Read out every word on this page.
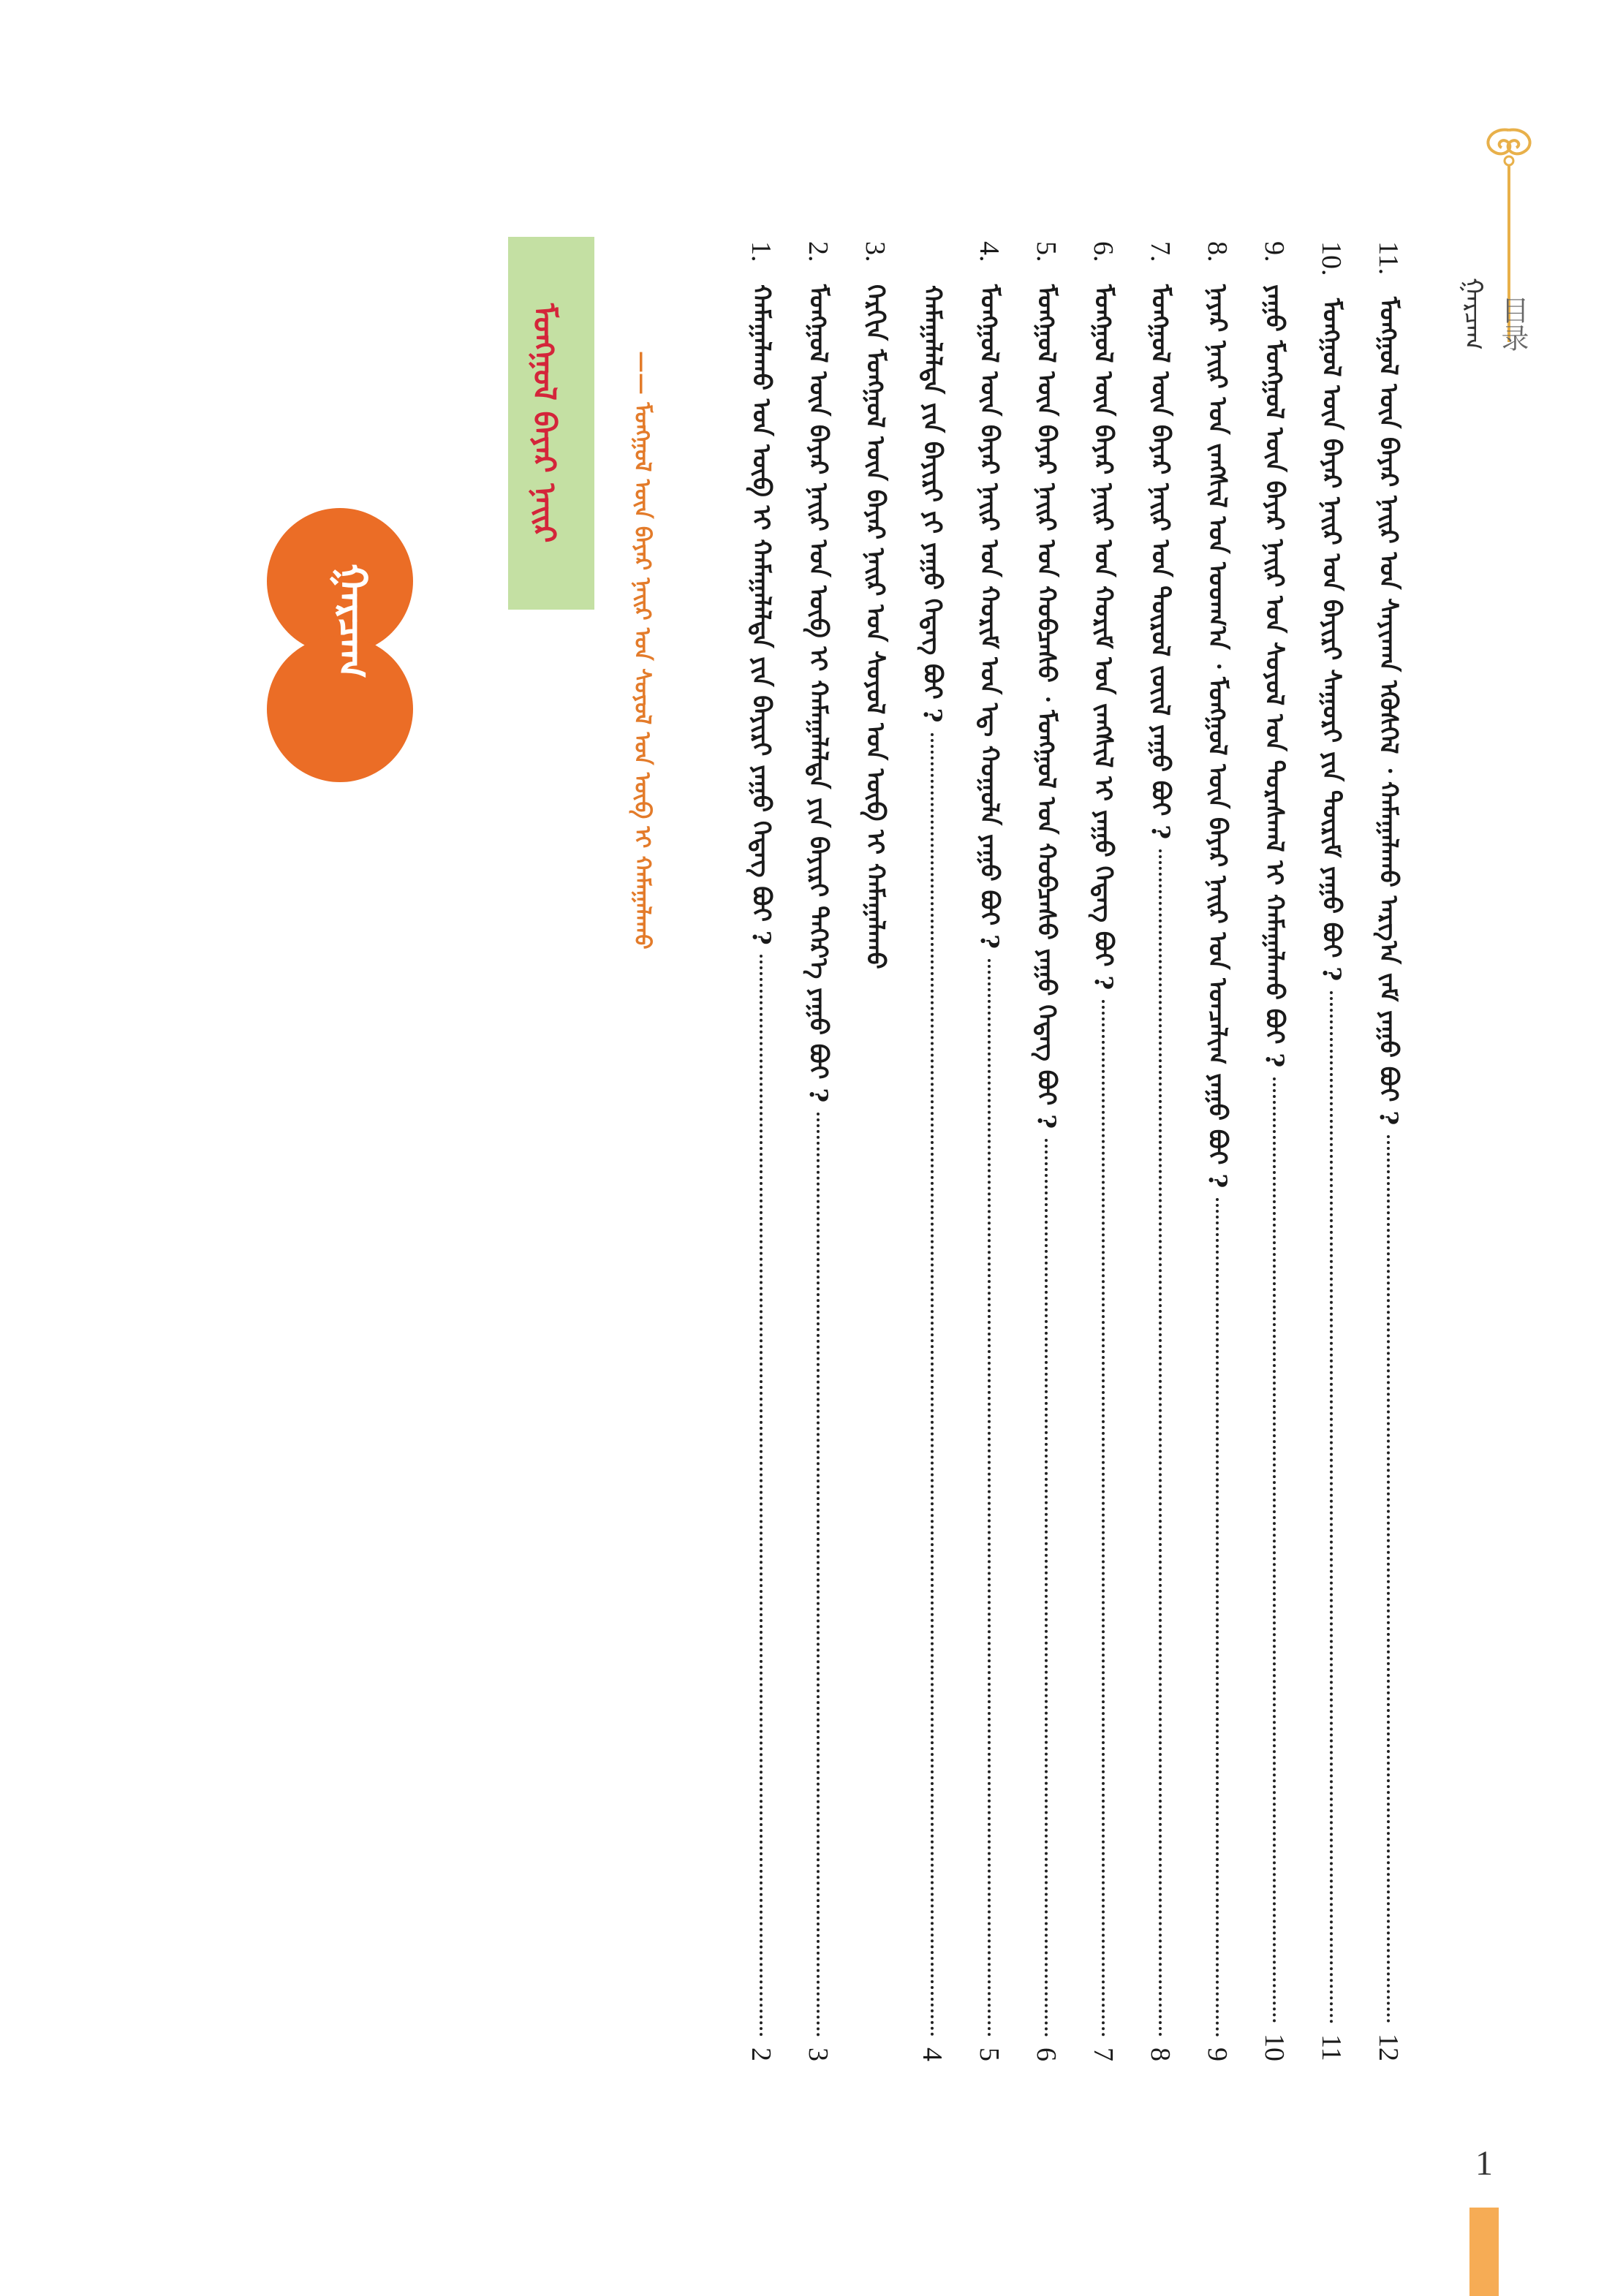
ᠭᠠᠷᠴᠠᠭ 目录
11.
ᠮᠣᠩᠭᠣᠯ ᠦᠨ ᠪᠠᠶᠠᠷ ᠨᠠᠢᠷ ᠤᠨ ᠰᠠᠶᠢᠬᠠᠨ ᠡᠭᠦᠰᠬᠡᠯ ᠂ ᠬᠠᠮᠠᠭᠠᠯᠠᠬᠤ ᠠᠷᠭ᠎ᠠ ᠵᠠᠮ ᠶᠠᠭᠤ ᠪᠤᠢ ?
12
10.
ᠮᠣᠩᠭᠣᠯ ᠦᠨ ᠪᠠᠶᠠᠷ ᠨᠠᠢᠷ ᠤᠨ ᠪᠠᠶᠢᠷᠢ ᠰᠠᠭᠤᠷᠢ ᠶᠢᠨ ᠳᠦᠷᠢᠮ ᠶᠠᠭᠤ ᠪᠤᠢ ?
11
9.
ᠶᠠᠭᠤ ᠮᠣᠩᠭᠣᠯ ᠦᠨ ᠪᠠᠶᠠᠷ ᠨᠠᠢᠷ ᠤᠨ ᠰᠣᠶᠣᠯ ᠤᠨ ᠳᠤᠷᠠᠰᠬᠠᠯ ᠢ ᠬᠠᠮᠠᠭᠠᠯᠠᠬᠤ ᠪᠤᠢ ?
10
8.
ᠨᠠᠶᠠᠷ ᠨᠠᠢᠷ ᠤᠨ ᠵᠠᠩᠰᠢᠯ ᠤᠨ ᠤᠳᠬ᠎ᠠ ᠂ ᠮᠣᠩᠭᠣᠯ ᠦᠨ ᠪᠠᠶᠠᠷ ᠨᠠᠢᠷ ᠤᠨ ᠣᠨᠴᠠᠯᠢᠭ ᠶᠠᠭᠤ ᠪᠤᠢ ?
9
7.
ᠮᠣᠩᠭᠣᠯ ᠦᠨ ᠪᠠᠶᠠᠷ ᠨᠠᠢᠷ ᠤᠨ ᠲᠦᠷᠦᠯ ᠵᠦᠢᠯ ᠶᠠᠭᠤ ᠪᠤᠢ ?
8
6.
ᠮᠣᠩᠭᠣᠯ ᠦᠨ ᠪᠠᠶᠠᠷ ᠨᠠᠢᠷ ᠤᠨ ᠬᠤᠷᠢᠮ ᠤᠨ ᠵᠠᠩᠰᠢᠯ ᠢ ᠶᠠᠭᠤ ᠭᠡᠳᠡᠭ ᠪᠤᠢ ?
7
5.
ᠮᠣᠩᠭᠣᠯ ᠦᠨ ᠪᠠᠶᠠᠷ ᠨᠠᠢᠷ ᠤᠨ ᠬᠤᠪᠴᠠᠰᠤ ᠂ ᠮᠣᠩᠭᠣᠯ ᠤᠨ ᠬᠤᠪᠴᠠᠰᠤ ᠶᠠᠭᠤ ᠭᠡᠳᠡᠭ ᠪᠤᠢ ?
6
4.
ᠮᠣᠩᠭᠣᠯ ᠦᠨ ᠪᠠᠶᠠᠷ ᠨᠠᠢᠷ ᠤᠨ ᠬᠤᠷᠢᠮ ᠤᠨ ᠡᠳ᠋ ᠬᠣᠭᠣᠯᠠ ᠶᠠᠭᠤ ᠪᠤᠢ ?
5
ᠬᠠᠮᠠᠭᠠᠯᠠᠯᠲᠠ ᠶᠢᠨ ᠪᠠᠶᠢᠷᠢ ᠶᠢ ᠶᠠᠭᠤ ᠭᠡᠳᠡᠭ ᠪᠤᠢ ?
4
3.
ᠬᠡᠷᠬᠢᠨ ᠮᠣᠩᠭᠣᠯ ᠦᠨ ᠪᠠᠶᠠᠷ ᠨᠠᠢᠷ ᠤᠨ ᠰᠣᠶᠣᠯ ᠤᠨ ᠦᠪ ᠢ ᠬᠠᠮᠠᠭᠠᠯᠠᠬᠤ
2.
ᠮᠣᠩᠭᠣᠯ ᠦᠨ ᠪᠠᠶᠠᠷ ᠨᠠᠢᠷ ᠤᠨ ᠦᠪ ᠢ ᠬᠠᠮᠠᠭᠠᠯᠠᠯᠲᠠ ᠶᠢᠨ ᠪᠠᠶᠢᠷᠢ ᠳᠡᠭᠡᠷ᠎ᠡ ᠶᠠᠭᠤ ᠪᠤᠢ ?
3
1.
ᠬᠠᠮᠠᠭᠠᠯᠠᠬᠤ ᠤᠨ ᠦᠪ ᠢ ᠬᠠᠮᠠᠭᠠᠯᠠᠯᠲᠠ ᠶᠢᠨ ᠪᠠᠶᠢᠷᠢ ᠶᠠᠭᠤ ᠭᠡᠳᠡᠭ ᠪᠤᠢ ?
2
ᠮᠣᠩᠭᠣᠯ ᠪᠠᠶᠠᠷ ᠨᠠᠢᠷ	—— ᠮᠣᠩᠭᠣᠯ ᠦᠨ ᠪᠠᠶᠠᠷ ᠨᠠᠢᠷ ᠤᠨ ᠰᠣᠶᠣᠯ ᠤᠨ ᠦᠪ ᠢ ᠬᠠᠮᠠᠭᠠᠯᠠᠬᠤ
ᠭᠠᠷᠴᠠᠭ
1
